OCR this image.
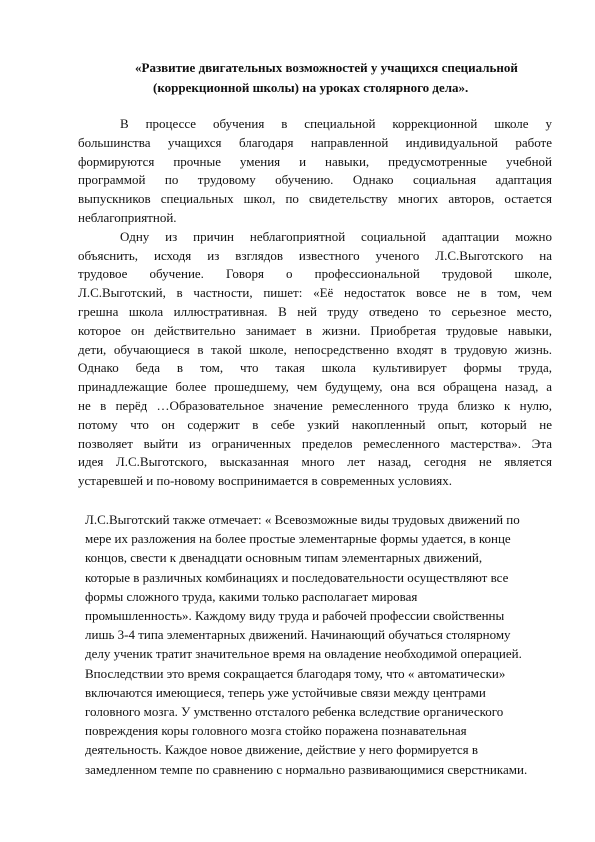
«Развитие двигательных возможностей у учащихся специальной
(коррекционной школы) на уроках столярного дела».
В процессе обучения в специальной коррекционной школе у
большинства учащихся благодаря направленной индивидуальной работе
формируются прочные умения и навыки, предусмотренные учебной
программой по трудовому обучению. Однако социальная адаптация
выпускников специальных школ, по свидетельству многих авторов, остается
неблагоприятной.
Одну из причин неблагоприятной социальной адаптации можно
объяснить, исходя из взглядов известного ученого Л.С.Выготского на
трудовое обучение. Говоря о профессиональной трудовой школе,
Л.С.Выготский, в частности, пишет: «Её недостаток вовсе не в том, чем
грешна школа иллюстративная. В ней труду отведено то серьезное место,
которое он действительно занимает в жизни. Приобретая трудовые навыки,
дети, обучающиеся в такой школе, непосредственно входят в трудовую жизнь.
Однако беда в том, что такая школа культивирует формы труда,
принадлежащие более прошедшему, чем будущему, она вся обращена назад, а
не в перёд …Образовательное значение ремесленного труда близко к нулю,
потому что он содержит в себе узкий накопленный опыт, который не
позволяет выйти из ограниченных пределов ремесленного мастерства». Эта
идея Л.С.Выготского, высказанная много лет назад, сегодня не является
устаревшей и по-новому воспринимается в современных условиях.
Л.С.Выготский также отмечает: « Всевозможные виды трудовых движений по
мере их разложения на более простые элементарные формы удается, в конце
концов, свести к двенадцати основным типам элементарных движений,
которые в различных комбинациях и последовательности осуществляют все
формы сложного труда, какими только располагает мировая
промышленность». Каждому виду труда и рабочей профессии свойственны
лишь 3-4 типа элементарных движений. Начинающий обучаться столярному
делу ученик тратит значительное время на овладение необходимой операцией.
Впоследствии это время сокращается благодаря тому, что « автоматически»
включаются имеющиеся, теперь уже устойчивые связи между центрами
головного мозга. У умственно отсталого ребенка вследствие органического
повреждения коры головного мозга стойко поражена познавательная
деятельность. Каждое новое движение, действие у него формируется в
замедленном темпе по сравнению с нормально развивающимися сверстниками.
